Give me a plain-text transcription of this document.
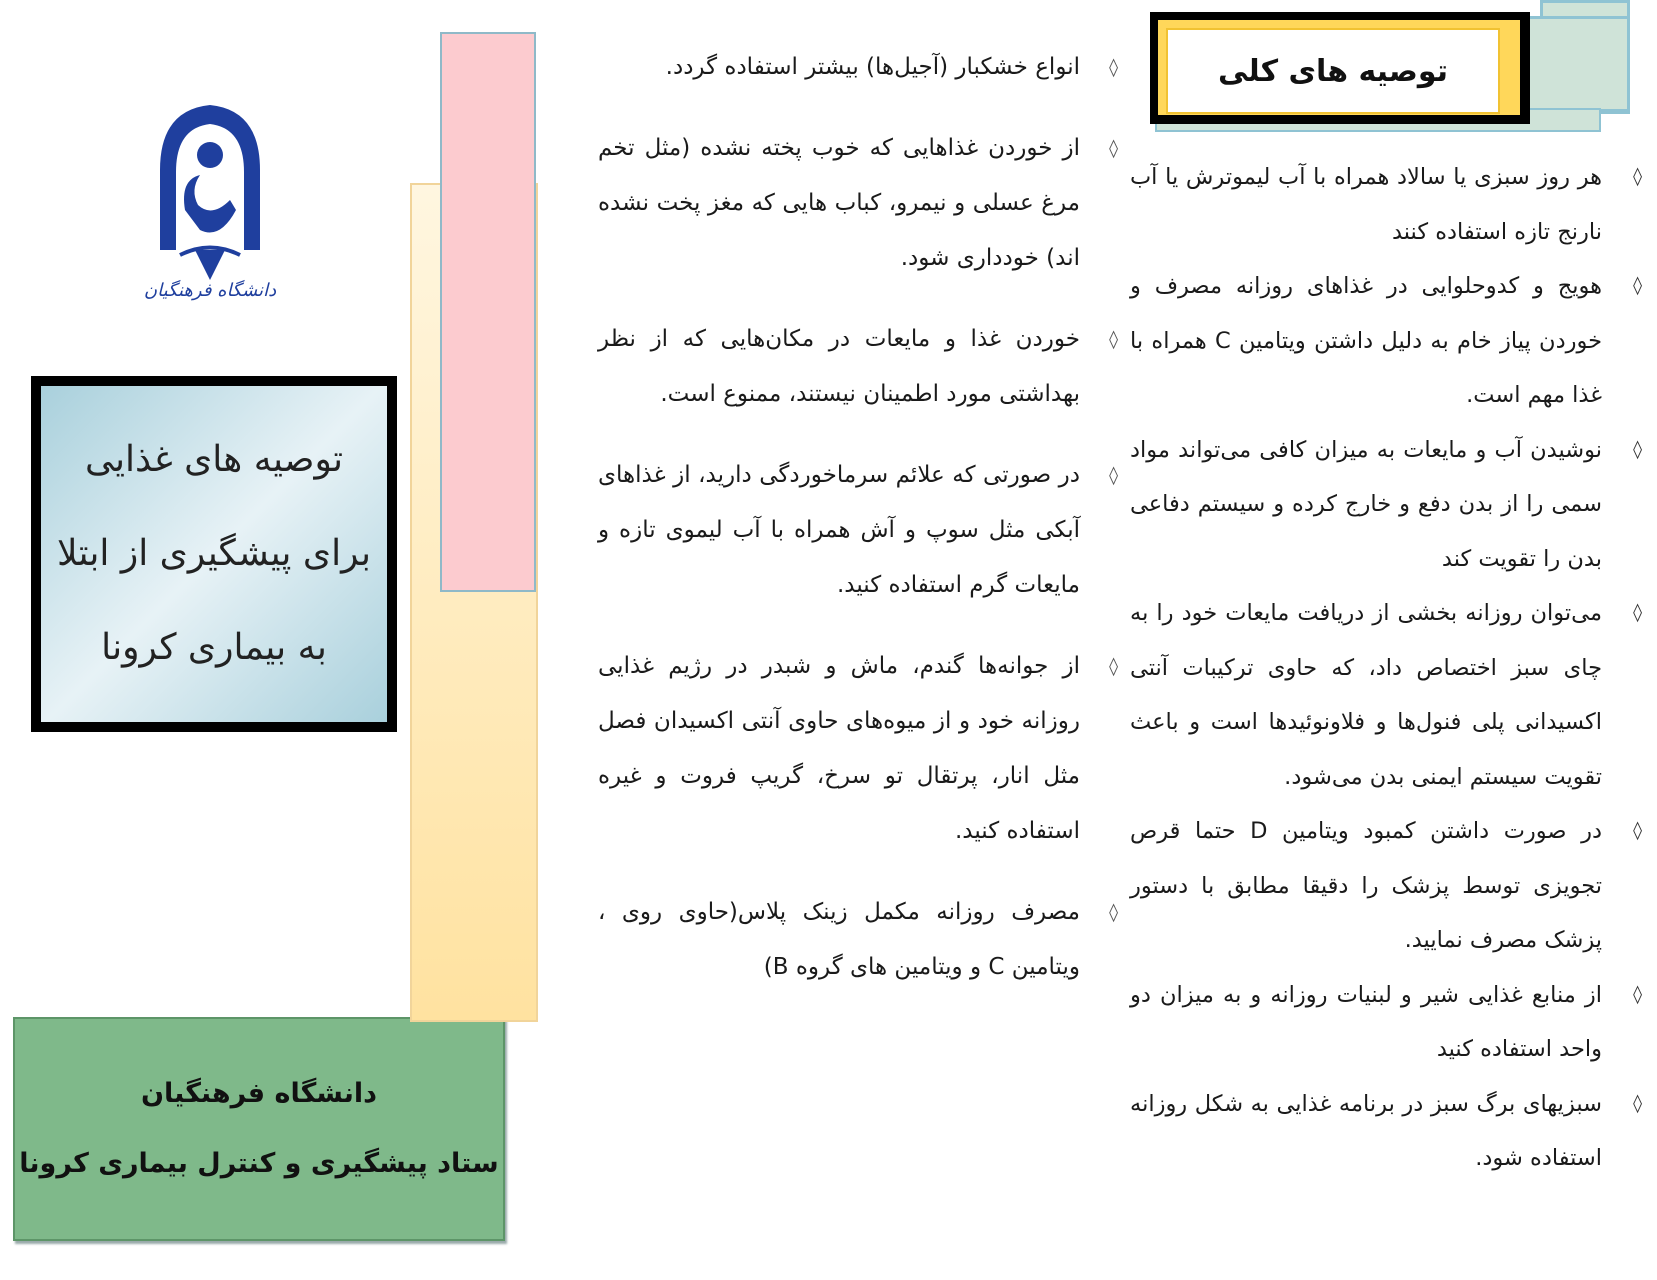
دانشگاه فرهنگیان
توصیه های غذایی
برای پیشگیری از ابتلا
به بیماری کرونا
دانشگاه فرهنگیان
ستاد پیشگیری و کنترل بیماری کرونا
◊
انواع خشکبار (آجیل‌ها) بیشتر استفاده گردد.
◊
از خوردن غذاهایی که خوب پخته نشده (مثل تخم مرغ عسلی و نیمرو، کباب هایی که مغز پخت نشده اند) خودداری شود.
◊
خوردن غذا و مایعات در مکان‌هایی که از نظر بهداشتی مورد اطمینان نیستند، ممنوع است.
◊
در صورتی که علائم سرماخوردگی دارید، از غذاهای آبکی مثل سوپ و آش همراه با آب لیموی تازه و مایعات گرم استفاده کنید.
◊
از جوانه‌ها گندم، ماش و شبدر در رژیم غذایی روزانه خود و از میوه‌های حاوی آنتی اکسیدان فصل مثل انار، پرتقال تو سرخ، گریپ فروت و غیره استفاده کنید.
◊
مصرف روزانه مکمل زینک پلاس(حاوی روی ، ویتامین C و ویتامین های گروه B)
توصیه های کلی
◊
هر روز سبزی یا سالاد همراه با آب لیموترش یا آب نارنج تازه استفاده کنند
◊
هویج و کدوحلوایی در غذاهای روزانه مصرف و خوردن پیاز خام به دلیل داشتن ویتامین C همراه با غذا مهم است.
◊
نوشیدن آب و مایعات به میزان کافی می‌تواند مواد سمی را از بدن دفع و خارج کرده و سیستم دفاعی بدن را تقویت کند
◊
می‌توان روزانه بخشی از دریافت مایعات خود را به چای سبز اختصاص داد، که حاوی ترکیبات آنتی اکسیدانی پلی فنول‌ها و فلاونوئیدها است و باعث تقویت سیستم ایمنی بدن می‌شود.
◊
در صورت داشتن کمبود ویتامین D حتما قرص تجویزی توسط پزشک را دقیقا مطابق با دستور پزشک مصرف نمایید.
◊
از منابع غذایی شیر و لبنیات روزانه و به میزان دو واحد استفاده کنید
◊
سبزیهای برگ سبز در برنامه غذایی به شکل روزانه استفاده شود.
